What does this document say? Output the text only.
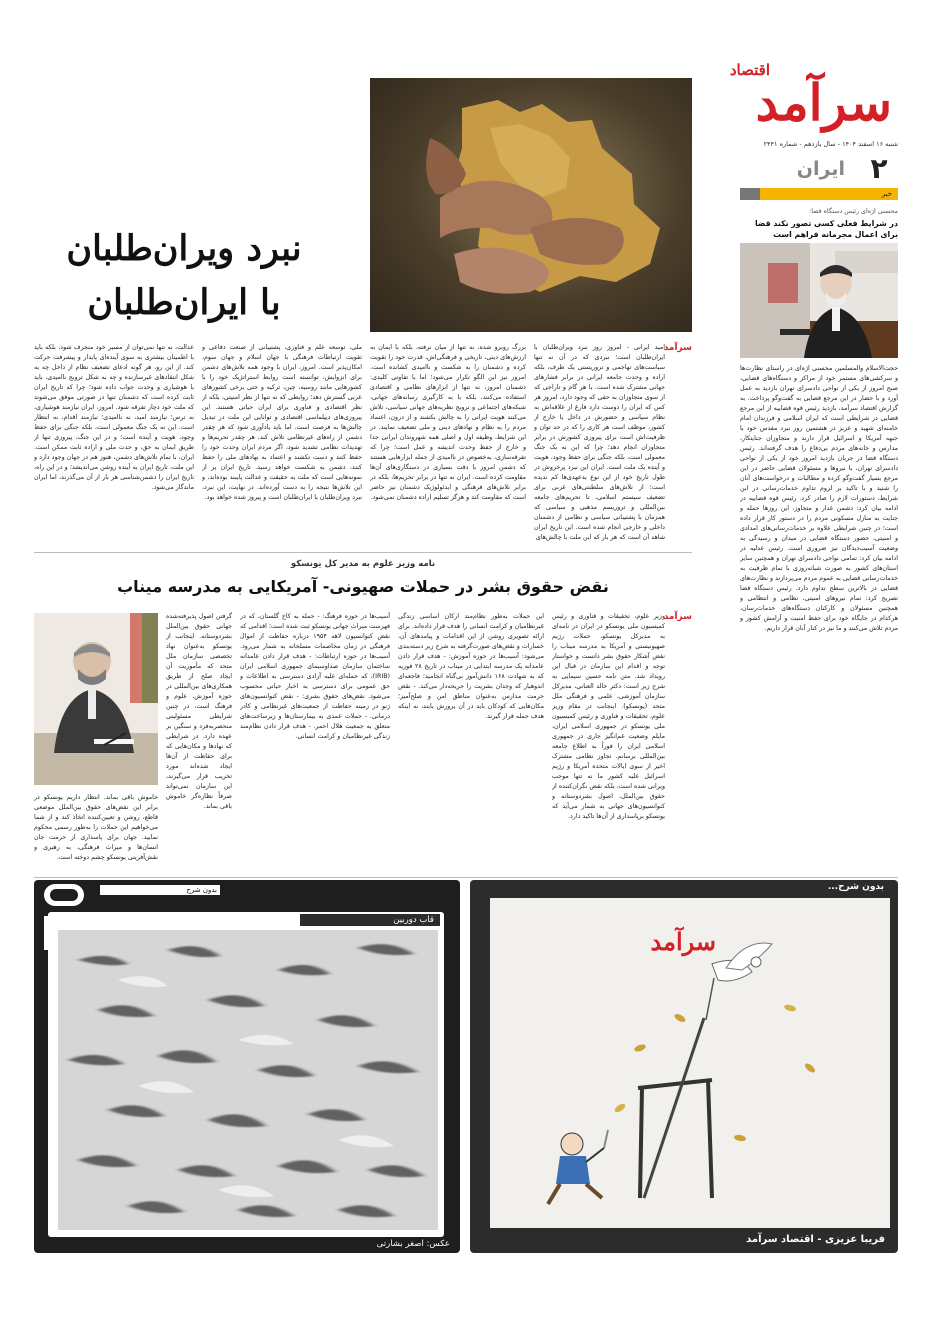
اقتصاد
سرآمد
شنبه ۱۶ اسفند ۱۴۰۴ - سال یازدهم - شماره ۲۴۴۱
۲
ایران
خبر
محسنی اژه‌ای رئیس دستگاه قضا:
در شرایط فعلی کسی تصور نکند قضا برای اعمال مجرمانه فراهم است
حجت‌الاسلام والمسلمین محسنی اژه‌ای در راستای نظارت‌ها و سرکشی‌های مستمر خود از مراکز و دستگاه‌های قضایی، صبح امروز از یکی از نواحی دادسرای تهران بازدید به عمل آورد و با حضار در این مرجع قضایی به گفت‌وگو پرداخت. به گزارش اقتصاد سرآمد، بازدید رئیس قوه قضاییه از این مرجع قضایی در شرایطی است که ایران اسلامی و فرزندان امام خامنه‌ای شهید و عزیز در هشتمین روز نبرد مقدس خود با جبهه آمریکا و اسرائیل قرار دارند و متجاوزان جنایتکار، مدارس و خانه‌های مردم بی‌دفاع را هدف گرفته‌اند. رئیس دستگاه قضا در جریان بازدید امروز خود از یکی از نواحی دادسرای تهران، با نیروها و مسئولان قضایی حاضر در این مرجع بسیار گفت‌وگو کرده و مطالبات و درخواست‌های آنان را شنید و با تاکید بر لزوم تداوم خدمات‌رسانی در این شرایط، دستورات لازم را صادر کرد. رئیس قوه قضاییه در ادامه بیان کرد: دشمن غدار و متجاوز، این روزها حمله و جنایت به منازل مسکونی مردم را در دستور کار قرار داده است؛ در چنین شرایطی علاوه بر خدمات‌رسانی‌های امدادی و امنیتی، حضور دستگاه قضایی در میدان و رسیدگی به وضعیت آسیب‌دیدگان نیز ضروری است. رئیس عدلیه در ادامه بیان کرد: تمامی نواحی دادسرای تهران و همچنین سایر استان‌های کشور به صورت شبانه‌روزی با تمام ظرفیت به خدمات‌رسانی قضایی به عموم مردم می‌پردازند و نظارت‌های قضایی در بالاترین سطح تداوم دارد. رئیس دستگاه قضا تصریح کرد: تمام نیروهای امنیتی، نظامی و انتظامی و همچنین مسئولان و کارکنان دستگاه‌های خدمات‌رسان، هرکدام در جایگاه خود برای حفظ امنیت و آرامش کشور و مردم تلاش می‌کنند و ما نیز در کنار آنان قرار داریم.
نبرد ویران‌طلبان
با ایران‌طلبان
سرآمد
امید ایرانی - امروز روز نبرد ویران‌طلبان با ایران‌طلبان است؛ نبردی که در آن نه تنها سیاست‌های تهاجمی و تروریستی یک طرف، بلکه اراده و وحدت جامعه ایرانی در برابر فشارهای جهانی مشترک شده است. با هر گام و تاراجی که از سوی متجاوزان به حقی که وجود دارد، امروز هر کس که ایران را دوست دارد فارغ از علاقه‌اش به نظام سیاسی و حضورش در داخل یا خارج از کشور، موظف است هر کاری را که در حد توان و ظرفیت‌اش است برای پیروزی کشورش در برابر متجاوزان انجام دهد؛ چرا که این نه یک جنگ معمولی است، بلکه جنگی برای حفظ وجود، هویت و آینده یک ملت است. ایران این نبرد پرخروش در طول تاریخ خود از این نوع بدعهدی‌ها کم ندیده است؛ از تلاش‌های سلطنتی‌های غربی برای تضعیف سیستم اسلامی، تا تحریم‌های جامعه بین‌المللی و تروریسم مذهبی و سیاسی که همزمان با پشتیبانی سیاسی و نظامی از دشمنان داخلی و خارجی انجام شده است. این تاریخ ایران شاهد آن است که هر بار که این ملت با چالش‌های
بزرگ روبرو شده، نه تنها از میان نرفته، بلکه با ایمان به ارزش‌های دینی، تاریخی و فرهنگی‌اش، قدرت خود را تقویت کرده و دشمنان را به شکست و ناامیدی کشانده است. امروز نیز این الگو تکرار می‌شود؛ اما با تفاوتی کلیدی: دشمنان امروز، نه تنها از ابزارهای نظامی و اقتصادی استفاده می‌کنند، بلکه با به کارگیری رسانه‌های جهانی، شبکه‌های اجتماعی و ترویج نظریه‌های جهانی سیاسی، تلاش می‌کنند هویت ایرانی را به چالش بکشند و از درون، اعتماد مردم را به نظام و نهادهای دینی و ملی تضعیف نمایند. در این شرایط، وظیفه اول و اصلی همه شهروندان ایرانی جدا و خارج از حفظ وحدت اندیشه و عمل است؛ چرا که تفرقه‌سازی، به‌خصوص در ناامیدی از جمله ابزارهایی هستند که دشمن امروز با دقت بسیاری در دستگاری‌های آن‌ها مقاومت کرده است. ایران نه تنها در برابر تحریم‌ها، بلکه در برابر تلاش‌های فرهنگی و ایدئولوژیک دشمنان نیز حاضر است که مقاومت کند و هرگز تسلیم اراده دشمنان نمی‌شود.
ملی، توسعه علم و فناوری، پشتیبانی از صنعت دفاعی و تقویت ارتباطات فرهنگی با جهان اسلام و جهان سوم، امکان‌پذیر است. امروز، ایران با وجود همه تلاش‌های دشمن برای انزوایش، توانسته است روابط استراتژیک خود را با کشورهایی مانند روسیه، چین، ترکیه و حتی برخی کشورهای عربی گسترش دهد؛ روابطی که نه تنها از نظر امنیتی، بلکه از نظر اقتصادی و فناوری برای ایران حیاتی هستند. این پیروزی‌های دیپلماسی اقتصادی و توانایی این ملت در تبدیل چالش‌ها به فرصت است. اما باید یادآوری شود که هر چقدر دشمن از راه‌های غیرنظامی تلاش کند، هر چقدر تحریم‌ها و تهدیدات نظامی تشدید شود، اگر مردم ایران وحدت خود را حفظ کنند و دست تکشند و اعتماد به نهادهای ملی را حفظ کنند، دشمن به شکست خواهد رسید. تاریخ ایران پر از نمونه‌هایی است که ملت به حقیقت و عدالت پایبند بوده‌اند، و این تلاش‌ها نتیجه را به دست آورده‌اند. در نهایت، این نبرد، نبرد ویران‌طلبان با ایران‌طلبان است و پیروز شده خواهد بود.
عدالت، نه تنها نمی‌توان از مسیر خود منحرف شود، بلکه باید با اطمینان بیشتری به سوی آینده‌ای پایدار و پیشرفت حرکت کند. از این رو، هر گونه ادعای تضعیف نظام از داخل چه به شکل انتقادهای غیرسازنده و چه به شکل ترویج ناامیدی، باید با هوشیاری و وحدت جواب داده شود؛ چرا که تاریخ ایران ثابت کرده است که دشمنان تنها در صورتی موفق می‌شوند که ملت خود دچار تفرقه شود. امروز، ایران نیازمند هوشیاری، نه ترس؛ نیازمند امید، نه ناامیدی؛ نیازمند اقدام، نه انتظار است. این نه یک جنگ معمولی است، بلکه جنگی برای حفظ وجود، هویت و آینده است؛ و در این جنگ، پیروزی تنها از طریق ایمان به حق، و حدت ملی و اراده ثابت ممکن است. ایران، با تمام تلاش‌های دشمن، هنوز هم در جهان وجود دارد و این ملت، تاریخ ایران به آینده روشن می‌اندیشد؛ و در این راه، تاریخ ایران را دشمن‌شناسی هر بار از آن می‌گذرند، اما ایران ماندگار می‌شود.
نامه وزیر علوم به مدیر کل یونسکو
نقض حقوق بشر در حملات صهیونی- آمریکایی به مدرسه میناب
سرآمد
وزیر علوم، تحقیقات و فناوری و رئیس کمیسیون ملی یونسکو در ایران در نامه‌ای به مدیرکل یونسکو، حملات رژیم صهیونیستی و آمریکا به مدرسه میناب را نقض آشکار حقوق بشر دانست و خواستار توجه و اقدام این سازمان در قبال این رویداد شد. متن نامه حسین سیمایی به شرح زیر است: دکتر خالد العنانی، مدیرکل سازمان آموزشی، علمی و فرهنگی ملل متحد (یونسکو). اینجانب در مقام وزیر علوم، تحقیقات و فناوری و رئیس کمیسیون ملی یونسکو در جمهوری اسلامی ایران، مایلم وضعیت غم‌انگیز جاری در جمهوری اسلامی ایران را فوراً به اطلاع جامعه بین‌المللی برسانم. تجاوز نظامی مشترک اخیر از سوی ایالات متحده آمریکا و رژیم اسرائیل علیه کشور ما نه تنها موجب ویرانی شده است، بلکه نقض نگران‌کننده از حقوق بین‌الملل، اصول بشردوستانه و کنوانسیون‌های جهانی به شمار می‌آید که یونسکو برپاسداری از آن‌ها تاکید دارد.
این حملات به‌طور نظام‌مند ارکان اساسی زندگی غیرنظامیان و کرامت انسانی را هدف قرار داده‌اند. برای ارائه تصویری روشن از این اقدامات و پیامدهای آن، خسارات و نقض‌های صورت‌گرفته به شرح زیر دسته‌بندی می‌شود: آسیب‌ها در حوزه آموزش: - هدف قرار دادن عامدانه یک مدرسه ابتدایی در میناب در تاریخ ۲۸ فوریه که به شهادت ۱۶۸ دانش‌آموز بی‌گناه انجامید؛ فاجعه‌ای اندوهبار که وجدان بشریت را جریحه‌دار می‌کند. - نقض حرمت مدارس به‌عنوان مناطق امن و صلح‌آمیز؛ مکان‌هایی که کودکان باید در آن پرورش یابند، نه اینکه هدف حمله قرار گیرند.
آسیب‌ها در حوزه فرهنگ: - حمله به کاخ گلستان، که در فهرست میراث جهانی یونسکو ثبت شده است؛ اقدامی که نقض کنوانسیون لاهه ۱۹۵۴ درباره حفاظت از اموال فرهنگی در زمان مخاصمات مسلحانه به شمار می‌رود. آسیب‌ها در حوزه ارتباطات: - هدف قرار دادن عامدانه ساختمان سازمان صداوسیمای جمهوری اسلامی ایران (IRIB)، که حمله‌ای علیه آزادی دسترسی به اطلاعات و حق عمومی برای دسترسی به اخبار حیاتی محسوب می‌شود. نقض‌های حقوق بشری: - نقض کنوانسیون‌های ژنو در زمینه حفاظت از جمعیت‌های غیرنظامی و کادر درمانی. - حملات عمدی به بیمارستان‌ها و زیرساخت‌های متعلق به جمعیت هلال احمر. - هدف قرار دادن نظام‌مند زندگی غیرنظامیان و کرامت انسانی.
گرفتن اصول پذیرفته‌شده جهانی حقوق بین‌الملل بشردوستانه. اینجانب از یونسکو به‌عنوان نهاد تخصصی سازمان ملل متحد که مأموریت آن ایجاد صلح از طریق همکاری‌های بین‌المللی در حوزه آموزش، علوم و فرهنگ است، در چنین شرایطی مسئولیتی منحصربه‌فرد و سنگین بر عهده دارد. در شرایطی که نهادها و مکان‌هایی که برای حفاظت از آن‌ها ایجاد شده‌اند مورد تخریب قرار می‌گیرند، این سازمان نمی‌تواند صرفاً نظاره‌گر خاموش باقی بماند.
خاموش باقی بماند. انتظار داریم یونسکو در برابر این نقض‌های حقوق بین‌الملل موضعی قاطع، روشن و تعیین‌کننده اتخاذ کند و از شما می‌خواهیم این حملات را به‌طور رسمی محکوم نمایید. جهان برای پاسداری از حرمت جان انسان‌ها و میراث فرهنگی، به رهبری و نقش‌آفرینی یونسکو چشم دوخته است.
بدون شرح...
سرآمد
فریبا عزیزی - اقتصاد سرآمد
بدون شرح
قاب دوربین
عکس: اصغر بشارتی
